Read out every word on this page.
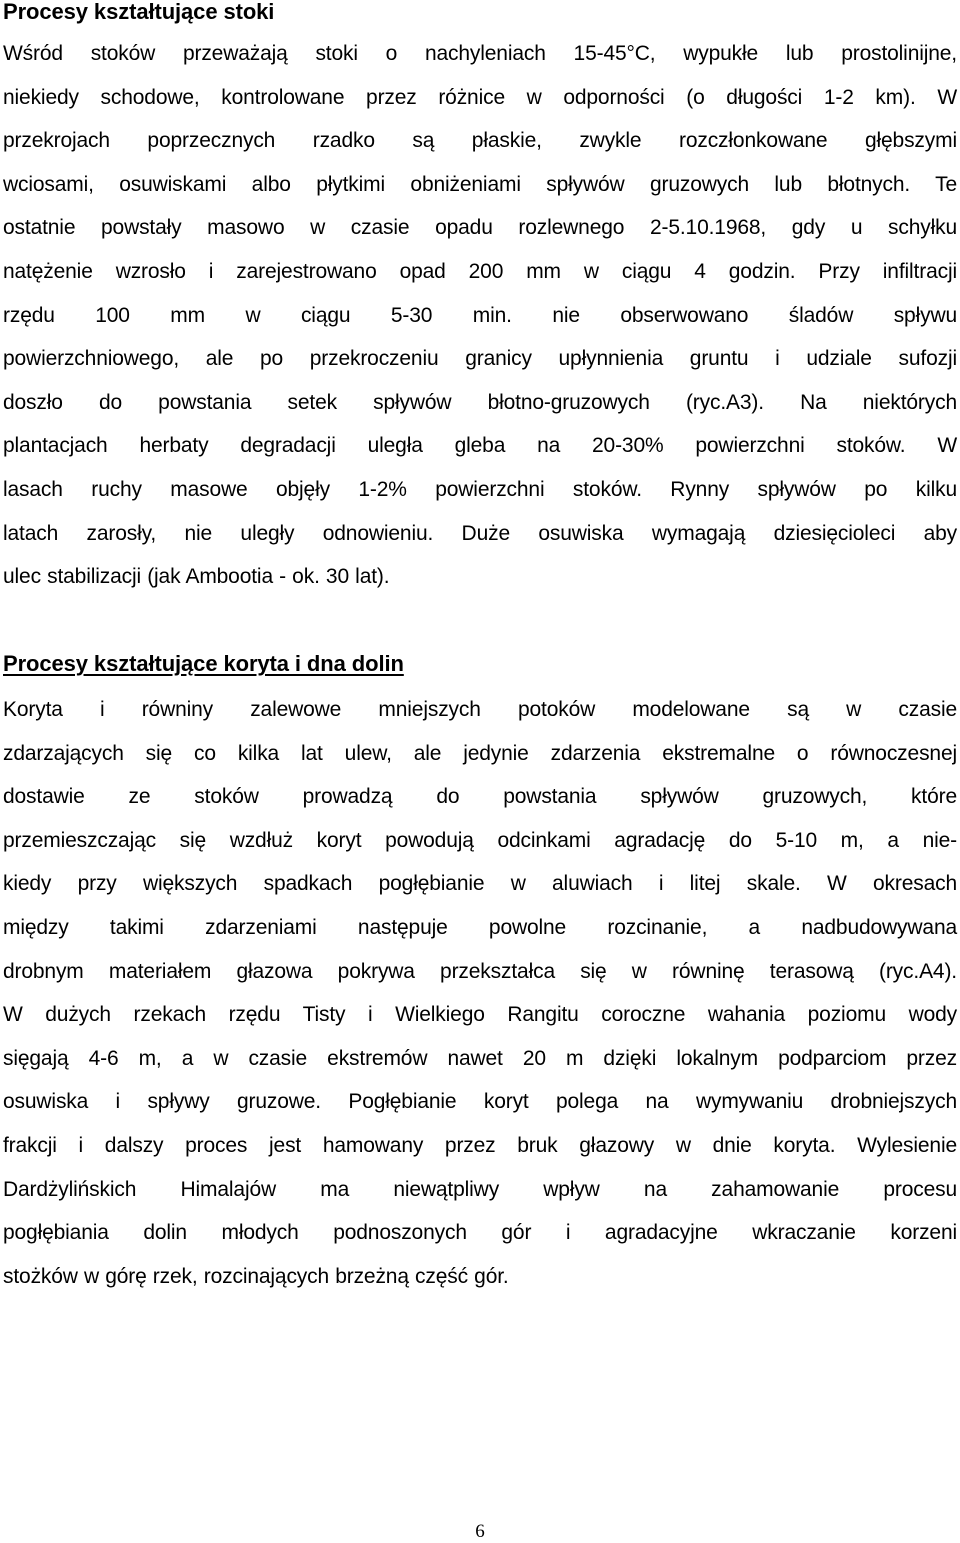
Procesy kształtujące stoki

Wśród stoków przeważają stoki o nachyleniach 15-45°C, wypukłe lub prostolinijne,
niekiedy schodowe, kontrolowane przez różnice w odporności (o długości 1-2 km). W
przekrojach poprzecznych rzadko są płaskie, zwykle rozczłonkowane głębszymi
wciosami, osuwiskami albo płytkimi obniżeniami spływów gruzowych lub błotnych. Te
ostatnie powstały masowo w czasie opadu rozlewnego 2-5.10.1968, gdy u schyłku
natężenie wzrosło i zarejestrowano opad 200 mm w ciągu 4 godzin. Przy infiltracji
rzędu 100 mm w ciągu 5-30 min. nie obserwowano śladów spływu
powierzchniowego, ale po przekroczeniu granicy upłynnienia gruntu i udziale sufozji
doszło do powstania setek spływów błotno-gruzowych (ryc.A3). Na niektórych
plantacjach herbaty degradacji uległa gleba na 20-30% powierzchni stoków. W
lasach ruchy masowe objęły 1-2% powierzchni stoków. Rynny spływów po kilku
latach zarosły, nie uległy odnowieniu. Duże osuwiska wymagają dziesięcioleci aby
ulec stabilizacji (jak Ambootia - ok. 30 lat).

Procesy kształtujące koryta i dna dolin

Koryta i równiny zalewowe mniejszych potoków modelowane są w czasie
zdarzających się co kilka lat ulew, ale jedynie zdarzenia ekstremalne o równoczesnej
dostawie ze stoków prowadzą do powstania spływów gruzowych, które
przemieszczając się wzdłuż koryt powodują odcinkami agradację do 5-10 m, a nie-
kiedy przy większych spadkach pogłębianie w aluwiach i litej skale. W okresach
między takimi zdarzeniami następuje powolne rozcinanie, a nadbudowywana
drobnym materiałem głazowa pokrywa przekształca się w równinę terasową (ryc.A4).
W dużych rzekach rzędu Tisty i Wielkiego Rangitu coroczne wahania poziomu wody
sięgają 4-6 m, a w czasie ekstremów nawet 20 m dzięki lokalnym podparciom przez
osuwiska i spływy gruzowe. Pogłębianie koryt polega na wymywaniu drobniejszych
frakcji i dalszy proces jest hamowany przez bruk głazowy w dnie koryta. Wylesienie
Dardżylińskich Himalajów ma niewątpliwy wpływ na zahamowanie procesu
pogłębiania dolin młodych podnoszonych gór i agradacyjne wkraczanie korzeni
stożków w górę rzek, rozcinających brzeżną część gór.

6
